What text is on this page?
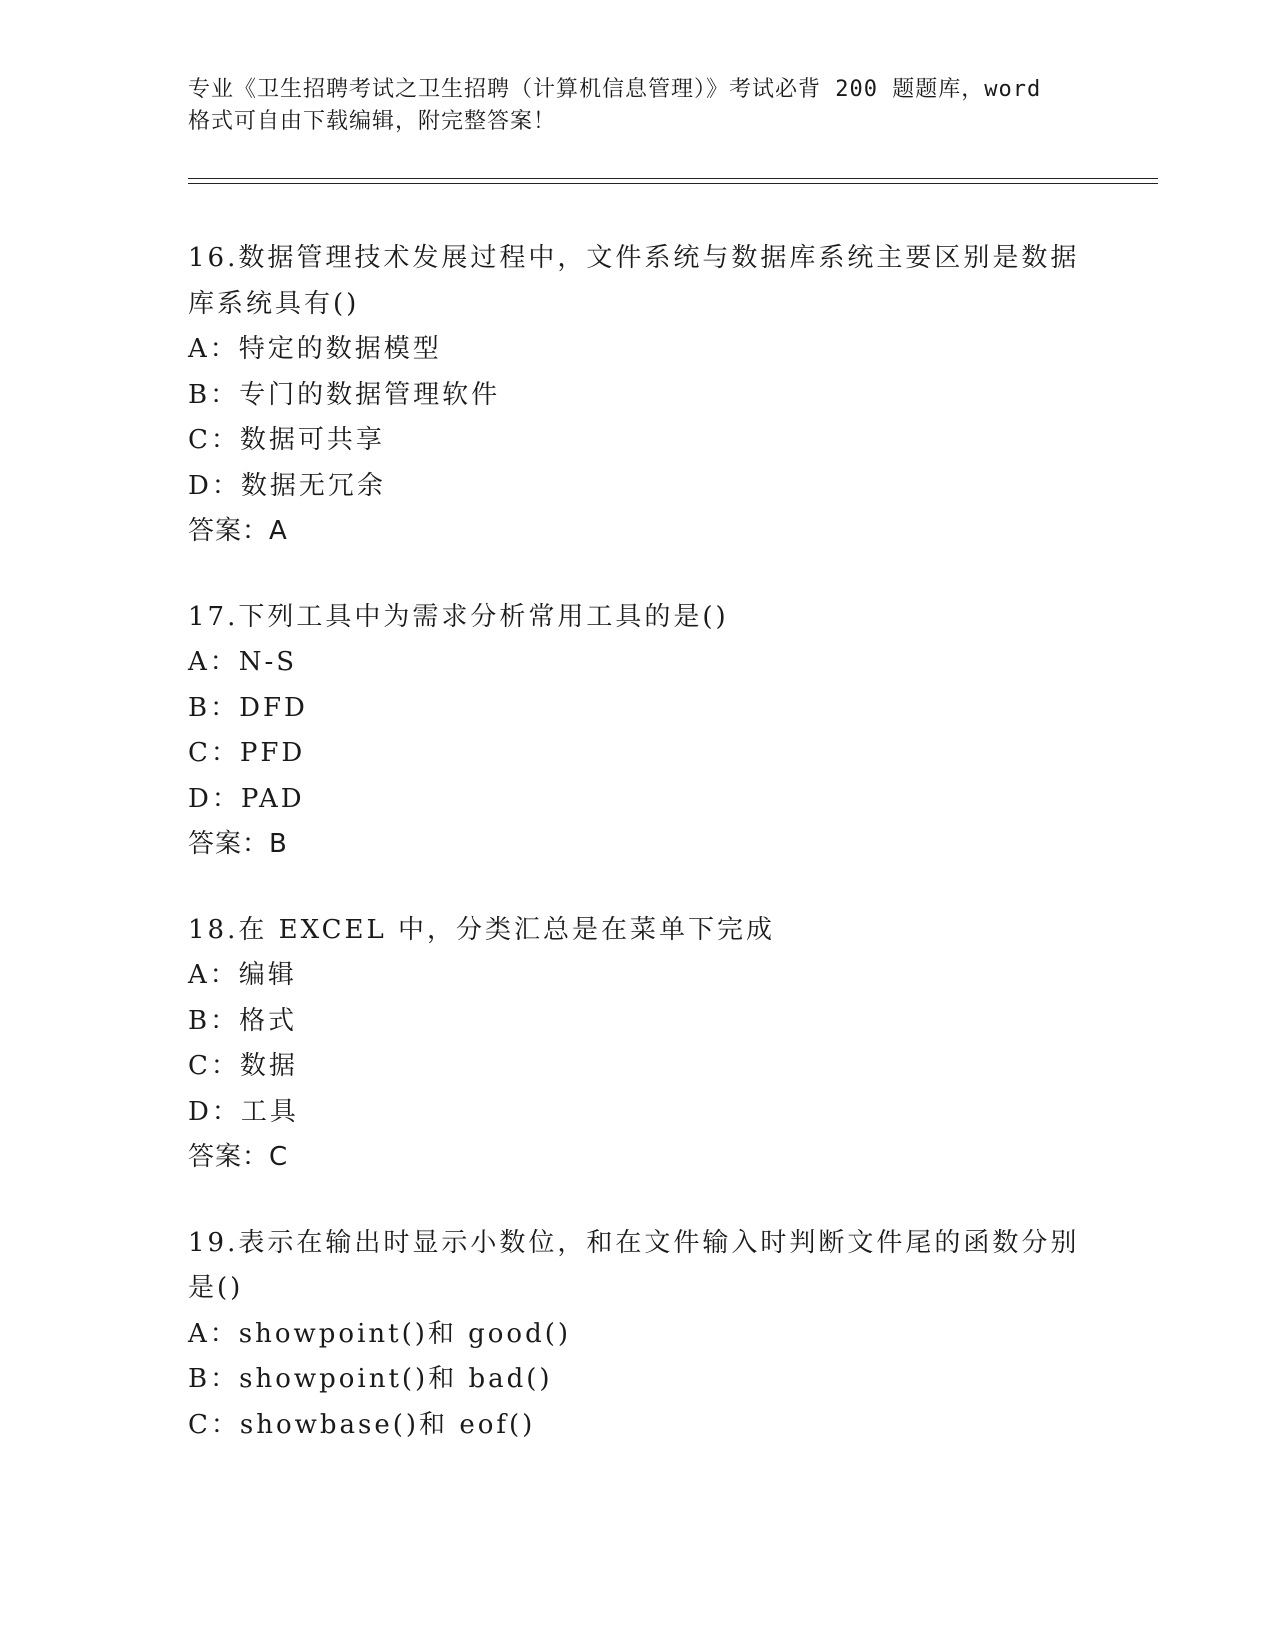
专业《卫生招聘考试之卫生招聘（计算机信息管理）》考试必背 200 题题库，word
格式可自由下载编辑，附完整答案！

16.数据管理技术发展过程中，文件系统与数据库系统主要区别是数据

库系统具有()

A：特定的数据模型

B：专门的数据管理软件

C：数据可共享

D：数据无冗余

答案：A

17.下列工具中为需求分析常用工具的是()

A：N-S

B：DFD

C：PFD

D：PAD

答案：B

18.在 EXCEL 中，分类汇总是在菜单下完成

A：编辑

B：格式

C：数据

D：工具

答案：C

19.表示在输出时显示小数位，和在文件输入时判断文件尾的函数分别

是()

A：showpoint()和 good()

B：showpoint()和 bad()

C：showbase()和 eof()
